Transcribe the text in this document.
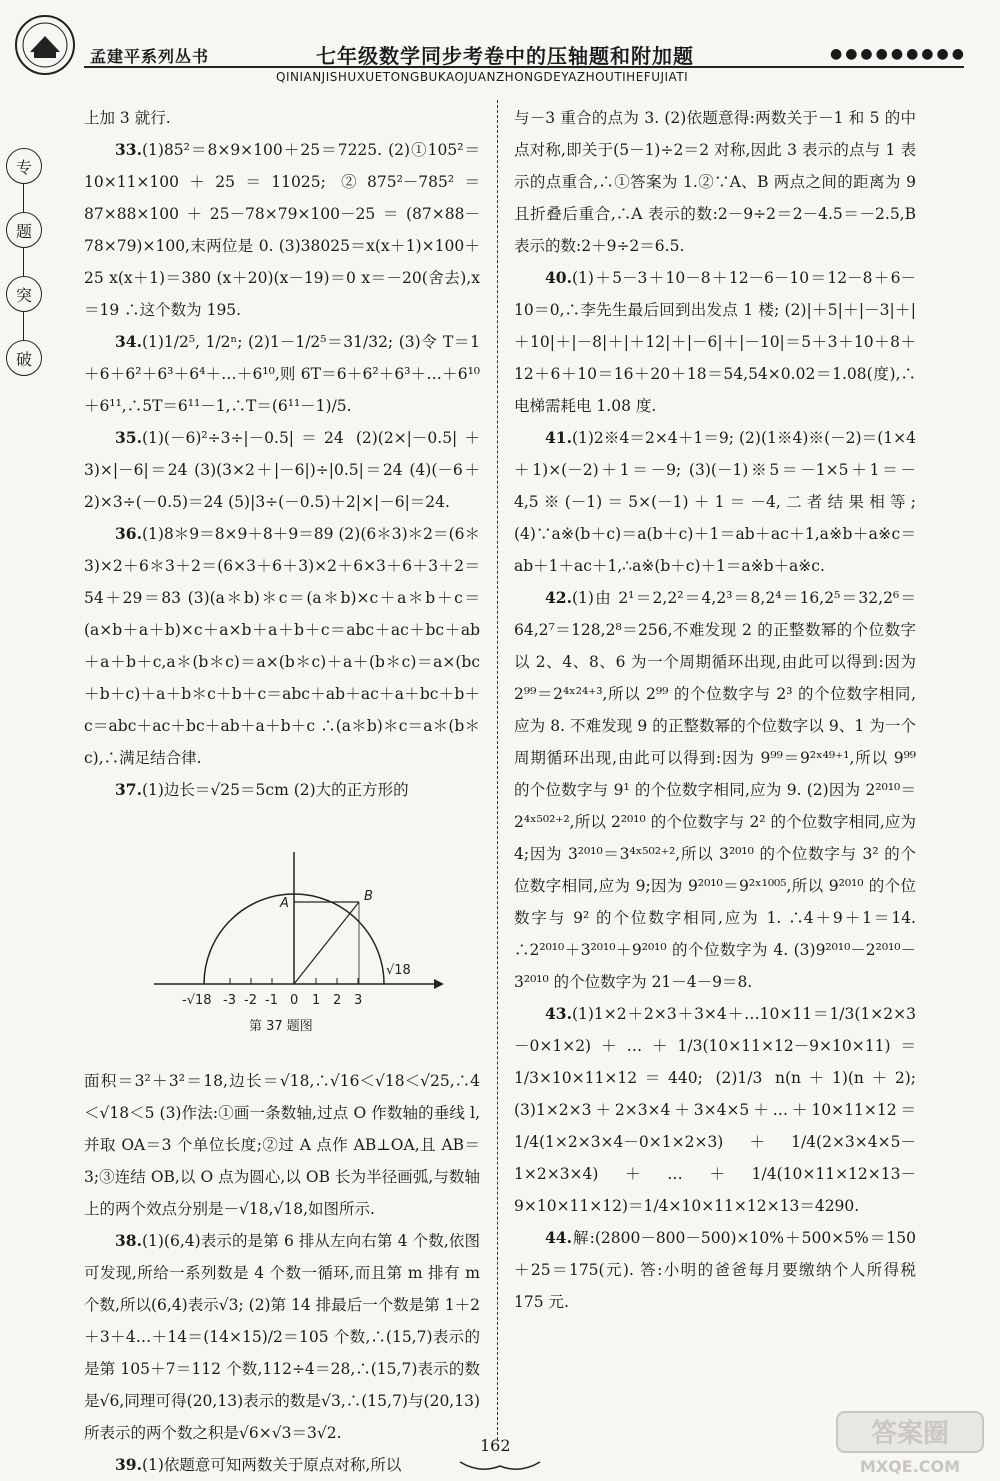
孟建平系列丛书	七年级数学同步考卷中的压轴题和附加题	●●●●●●●●●
QINIANJISHUXUETONGBUKAOJUANZHONGDEYAZHOUTIHEFUJIATI
专
题
突
破

上加 3 就行.

33.(1)85²＝8×9×100＋25＝7225. (2)①105²＝10×11×100＋25＝11025; ②875²－785²＝87×88×100＋25－78×79×100－25＝(87×88－78×79)×100,末两位是 0. (3)38025＝x(x＋1)×100＋25 x(x＋1)＝380 (x＋20)(x－19)＝0 x＝－20(舍去),x＝19 ∴这个数为 195.

34.(1)1/2⁵, 1/2ⁿ; (2)1－1/2⁵＝31/32; (3)令 T＝1＋6＋6²＋6³＋6⁴＋…＋6¹⁰,则 6T＝6＋6²＋6³＋…＋6¹⁰＋6¹¹,∴5T＝6¹¹－1,∴T＝(6¹¹－1)/5.

35.(1)(－6)²÷3÷|－0.5|＝24 (2)(2×|－0.5|＋3)×|－6|＝24 (3)(3×2＋|－6|)÷|0.5|＝24 (4)(－6＋2)×3÷(－0.5)＝24 (5)|3÷(－0.5)＋2|×|－6|＝24.

36.(1)8＊9＝8×9＋8＋9＝89 (2)(6＊3)＊2＝(6＊3)×2＋6＊3＋2＝(6×3＋6＋3)×2＋6×3＋6＋3＋2＝54＋29＝83 (3)(a＊b)＊c＝(a＊b)×c＋a＊b＋c＝(a×b＋a＋b)×c＋a×b＋a＋b＋c＝abc＋ac＋bc＋ab＋a＋b＋c,a＊(b＊c)＝a×(b＊c)＋a＋(b＊c)＝a×(bc＋b＋c)＋a＋b＊c＋b＋c＝abc＋ab＋ac＋a＋bc＋b＋c＝abc＋ac＋bc＋ab＋a＋b＋c ∴(a＊b)＊c＝a＊(b＊c),∴满足结合律.

37.(1)边长＝√25＝5cm (2)大的正方形的

-√18 -3 -2 -1 0 1 2 3
A	B
√18
第 37 题图

面积＝3²＋3²＝18,边长＝√18,∴√16＜√18＜√25,∴4＜√18＜5 (3)作法:①画一条数轴,过点 O 作数轴的垂线 l,并取 OA＝3 个单位长度;②过 A 点作 AB⊥OA,且 AB＝3;③连结 OB,以 O 点为圆心,以 OB 长为半径画弧,与数轴上的两个效点分别是－√18,√18,如图所示.

38.(1)(6,4)表示的是第 6 排从左向右第 4 个数,依图可发现,所给一系列数是 4 个数一循环,而且第 m 排有 m 个数,所以(6,4)表示√3; (2)第 14 排最后一个数是第 1＋2＋3＋4…＋14＝(14×15)/2＝105 个数,∴(15,7)表示的是第 105＋7＝112 个数,112÷4＝28,∴(15,7)表示的数是√6,同理可得(20,13)表示的数是√3,∴(15,7)与(20,13)所表示的两个数之积是√6×√3＝3√2.

39.(1)依题意可知两数关于原点对称,所以

与－3 重合的点为 3. (2)依题意得:两数关于－1 和 5 的中点对称,即关于(5－1)÷2＝2 对称,因此 3 表示的点与 1 表示的点重合,∴①答案为 1.②∵A、B 两点之间的距离为 9 且折叠后重合,∴A 表示的数:2－9÷2＝2－4.5＝－2.5,B 表示的数:2＋9÷2＝6.5.

40.(1)＋5－3＋10－8＋12－6－10＝12－8＋6－10＝0,∴李先生最后回到出发点 1 楼; (2)|＋5|＋|－3|＋|＋10|＋|－8|＋|＋12|＋|－6|＋|－10|＝5＋3＋10＋8＋12＋6＋10＝16＋20＋18＝54,54×0.02＝1.08(度),∴电梯需耗电 1.08 度.

41.(1)2※4＝2×4＋1＝9; (2)(1※4)※(－2)＝(1×4＋1)×(－2)＋1＝－9; (3)(－1)※5＝－1×5＋1＝－4,5※(－1)＝5×(－1)＋1＝－4,二者结果相等; (4)∵a※(b＋c)＝a(b＋c)＋1＝ab＋ac＋1,a※b＋a※c＝ab＋1＋ac＋1,∴a※(b＋c)＋1＝a※b＋a※c.

42.(1)由 2¹＝2,2²＝4,2³＝8,2⁴＝16,2⁵＝32,2⁶＝64,2⁷＝128,2⁸＝256,不难发现 2 的正整数幂的个位数字以 2、4、8、6 为一个周期循环出现,由此可以得到:因为 2⁹⁹＝2⁴ˣ²⁴⁺³,所以 2⁹⁹ 的个位数字与 2³ 的个位数字相同,应为 8. 不难发现 9 的正整数幂的个位数字以 9、1 为一个周期循环出现,由此可以得到:因为 9⁹⁹＝9²ˣ⁴⁹⁺¹,所以 9⁹⁹ 的个位数字与 9¹ 的个位数字相同,应为 9. (2)因为 2²⁰¹⁰＝2⁴ˣ⁵⁰²⁺²,所以 2²⁰¹⁰ 的个位数字与 2² 的个位数字相同,应为 4;因为 3²⁰¹⁰＝3⁴ˣ⁵⁰²⁺²,所以 3²⁰¹⁰ 的个位数字与 3² 的个位数字相同,应为 9;因为 9²⁰¹⁰＝9²ˣ¹⁰⁰⁵,所以 9²⁰¹⁰ 的个位数字与 9² 的个位数字相同,应为 1. ∴4＋9＋1＝14. ∴2²⁰¹⁰＋3²⁰¹⁰＋9²⁰¹⁰ 的个位数字为 4. (3)9²⁰¹⁰－2²⁰¹⁰－3²⁰¹⁰ 的个位数字为 21－4－9＝8.

43.(1)1×2＋2×3＋3×4＋…10×11＝1/3(1×2×3－0×1×2)＋…＋1/3(10×11×12－9×10×11)＝1/3×10×11×12＝440; (2)1/3 n(n＋1)(n＋2); (3)1×2×3＋2×3×4＋3×4×5＋…＋10×11×12＝1/4(1×2×3×4－0×1×2×3)＋1/4(2×3×4×5－1×2×3×4)＋…＋1/4(10×11×12×13－9×10×11×12)＝1/4×10×11×12×13＝4290.

44.解:(2800－800－500)×10%＋500×5%＝150＋25＝175(元). 答:小明的爸爸每月要缴纳个人所得税 175 元.

162	答案圈
MXQE.COM
